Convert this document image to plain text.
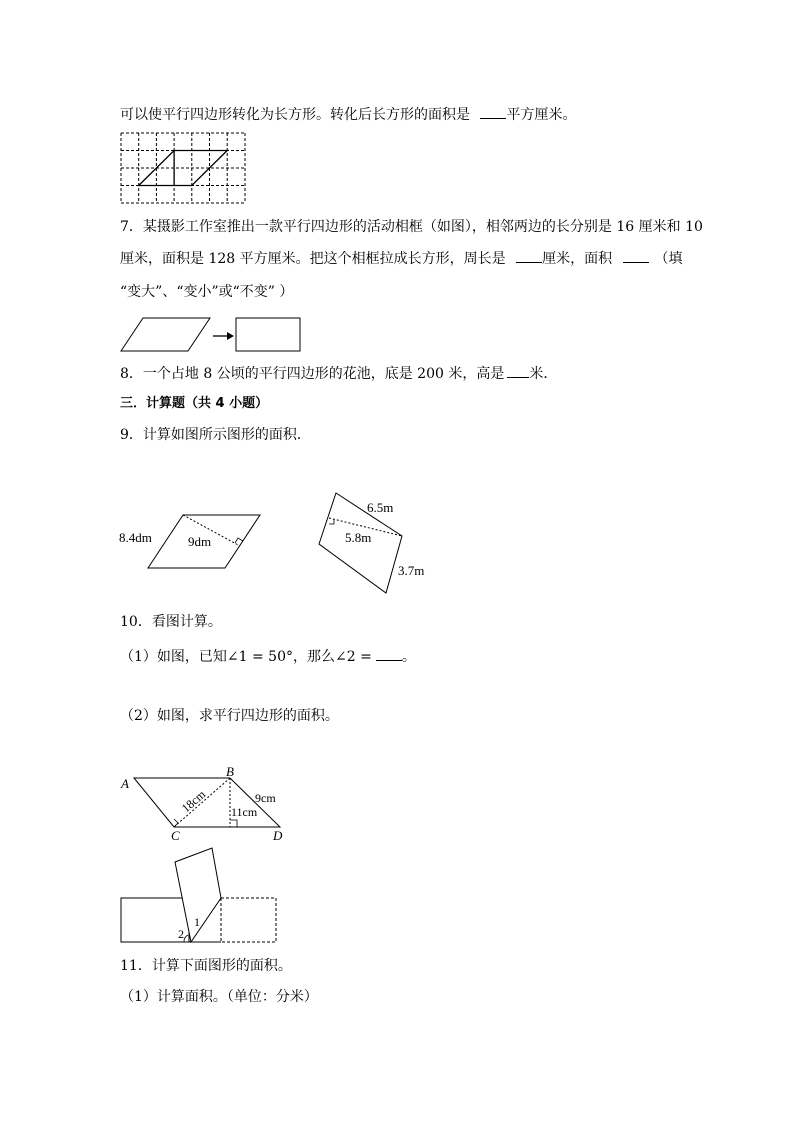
可以使平行四边形转化为长方形。转化后长方形的面积是	平方厘米。
7．某摄影工作室推出一款平行四边形的活动相框（如图），相邻两边的长分别是 16 厘米和 10
厘米，面积是 128 平方厘米。把这个相框拉成长方形，周长是	厘米，面积	（填
“变大”、“变小”或“不变” ）
8．一个占地 8 公顷的平行四边形的花池，底是 200 米，高是 米．
三．计算题（共 4 小题）
9．计算如图所示图形的面积．
8.4dm	9dm
6.5m
5.8m
3.7m
10．看图计算。
（1）如图，已知∠1 = 50°，那么∠2 = 。
（2）如图，求平行四边形的面积。
A
B
C	D
18cm	9cm
11cm
2
1
11．计算下面图形的面积。
（1）计算面积。（单位：分米）
